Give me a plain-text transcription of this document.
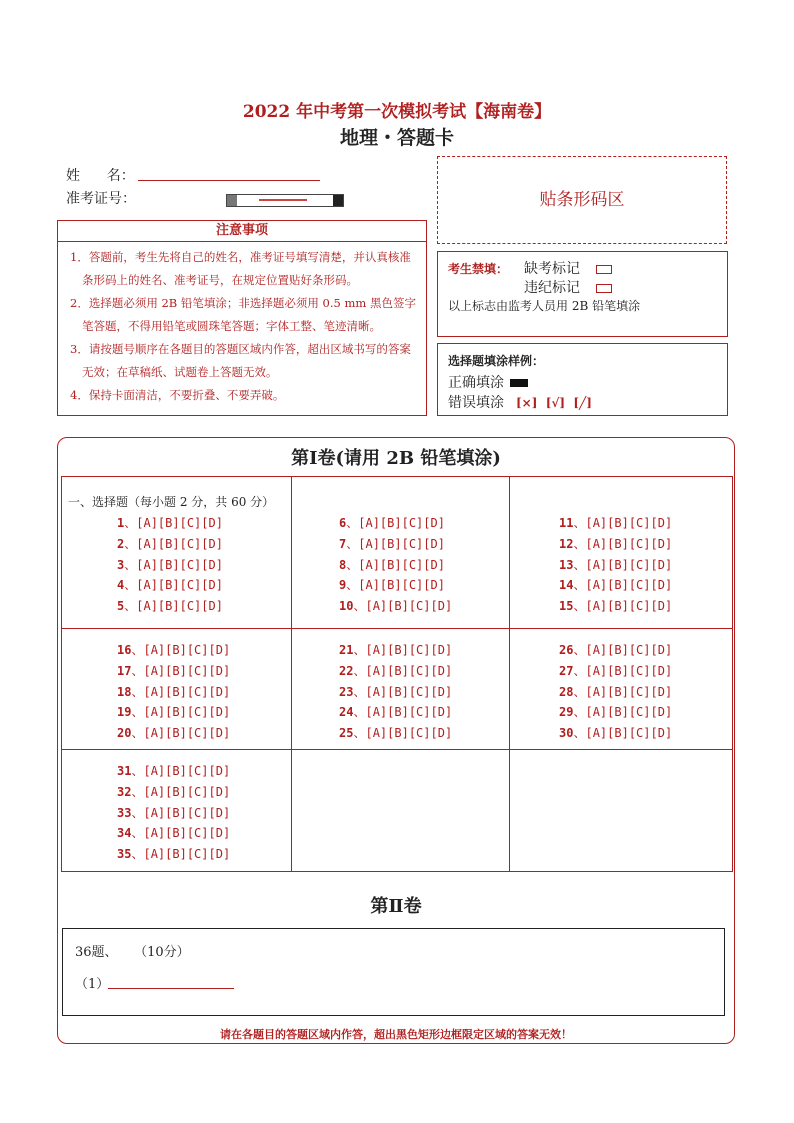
2022 年中考第一次模拟考试【海南卷】
地理・答题卡
姓      名：
准考证号：	贴条形码区
注意事项

1．答题前，考生先将自己的姓名，准考证号填写清楚，并认真核准条形码上的姓名、准考证号，在规定位置贴好条形码。

2．选择题必须用 2B 铅笔填涂；非选择题必须用 0.5 mm 黑色签字笔答题，不得用铅笔或圆珠笔答题；字体工整、笔迹清晰。

3．请按题号顺序在各题目的答题区域内作答，超出区域书写的答案无效；在草稿纸、试题卷上答题无效。

4．保持卡面清洁，不要折叠、不要弄破。

考生禁填： 缺考标记
违纪标记
以上标志由监考人员用 2B 铅笔填涂
选择题填涂样例：
正确填涂
错误填涂 [×]  [√]  [╱]
第Ⅰ卷(请用 2B 铅笔填涂)
一、选择题（每小题 2 分，共 60 分）
1、[A][B][C][D]
2、[A][B][C][D]
3、[A][B][C][D]
4、[A][B][C][D]
5、[A][B][C][D]
6、[A][B][C][D]
7、[A][B][C][D]
8、[A][B][C][D]
9、[A][B][C][D]
10、[A][B][C][D]
11、[A][B][C][D]
12、[A][B][C][D]
13、[A][B][C][D]
14、[A][B][C][D]
15、[A][B][C][D]
16、[A][B][C][D]
17、[A][B][C][D]
18、[A][B][C][D]
19、[A][B][C][D]
20、[A][B][C][D]
21、[A][B][C][D]
22、[A][B][C][D]
23、[A][B][C][D]
24、[A][B][C][D]
25、[A][B][C][D]
26、[A][B][C][D]
27、[A][B][C][D]
28、[A][B][C][D]
29、[A][B][C][D]
30、[A][B][C][D]
31、[A][B][C][D]
32、[A][B][C][D]
33、[A][B][C][D]
34、[A][B][C][D]
35、[A][B][C][D]
第Ⅱ卷
36题、    （10分）
（1）
请在各题目的答题区域内作答，超出黑色矩形边框限定区域的答案无效！
